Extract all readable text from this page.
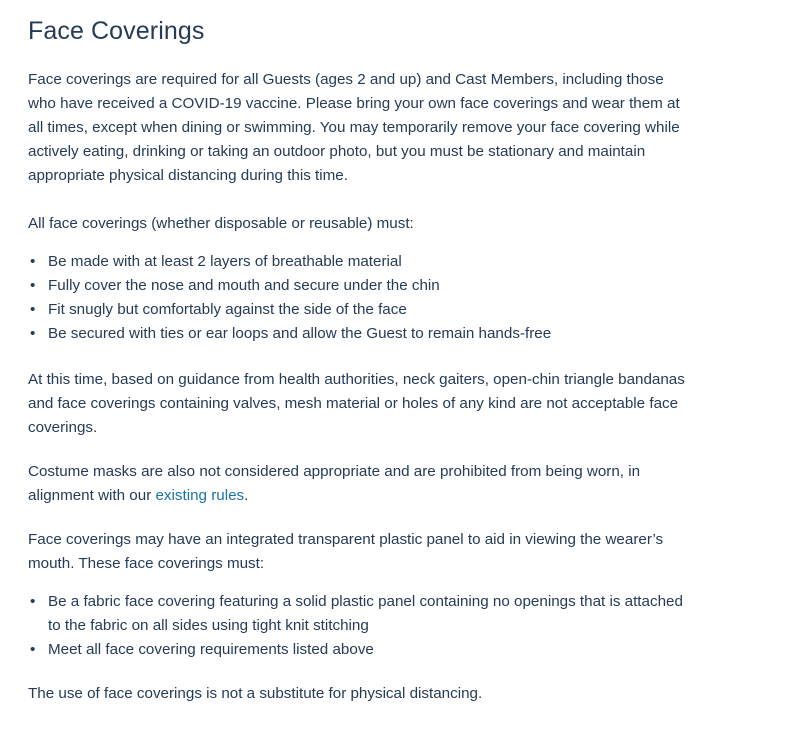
Face Coverings

Face coverings are required for all Guests (ages 2 and up) and Cast Members, including those who have received a COVID-19 vaccine. Please bring your own face coverings and wear them at all times, except when dining or swimming. You may temporarily remove your face covering while actively eating, drinking or taking an outdoor photo, but you must be stationary and maintain appropriate physical distancing during this time.

All face coverings (whether disposable or reusable) must:

• Be made with at least 2 layers of breathable material
• Fully cover the nose and mouth and secure under the chin
• Fit snugly but comfortably against the side of the face
• Be secured with ties or ear loops and allow the Guest to remain hands-free

At this time, based on guidance from health authorities, neck gaiters, open-chin triangle bandanas and face coverings containing valves, mesh material or holes of any kind are not acceptable face coverings.

Costume masks are also not considered appropriate and are prohibited from being worn, in alignment with our existing rules.

Face coverings may have an integrated transparent plastic panel to aid in viewing the wearer’s mouth. These face coverings must:

• Be a fabric face covering featuring a solid plastic panel containing no openings that is attached to the fabric on all sides using tight knit stitching
• Meet all face covering requirements listed above

The use of face coverings is not a substitute for physical distancing.
